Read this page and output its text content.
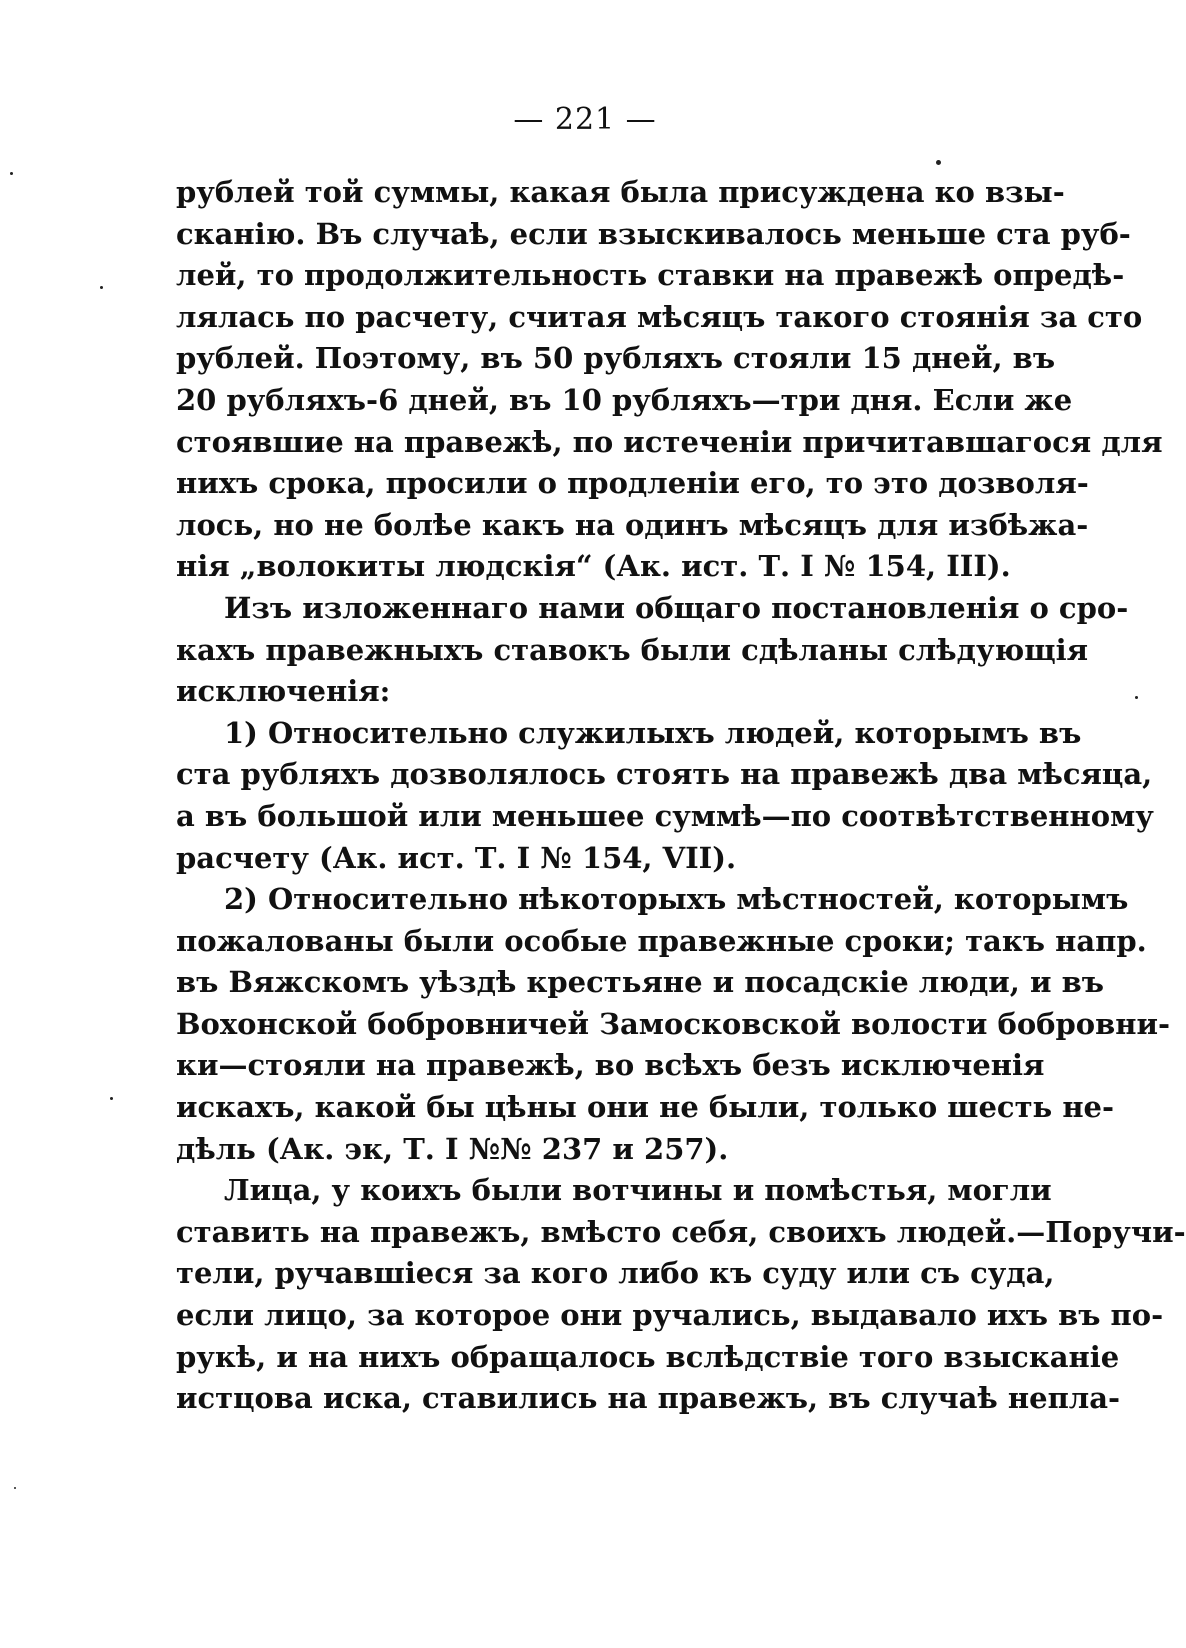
— 221 —
рублей той суммы, какая была присуждена ко взы-
сканію. Въ случаѣ, если взыскивалось меньше ста руб-
лей, то продолжительность ставки на правежѣ опредѣ-
лялась по расчету, считая мѣсяцъ такого стоянія за сто
рублей. Поэтому, въ 50 рубляхъ стояли 15 дней, въ
20 рубляхъ-6 дней, въ 10 рубляхъ—три дня. Если же
стоявшие на правежѣ, по истеченіи причитавшагося для
нихъ срока, просили о продленіи его, то это дозволя-
лось, но не болѣе какъ на одинъ мѣсяцъ для избѣжа-
нія „волокиты людскія“ (Ак. ист. Т. I № 154, III).
Изъ изложеннаго нами общаго постановленія о сро-
кахъ правежныхъ ставокъ были сдѣланы слѣдующія
исключенія:
1) Относительно служилыхъ людей, которымъ въ
ста рубляхъ дозволялось стоять на правежѣ два мѣсяца,
а въ большой или меньшее суммѣ—по соотвѣтственному
расчету (Ак. ист. Т. I № 154, VII).
2) Относительно нѣкоторыхъ мѣстностей, которымъ
пожалованы были особые правежные сроки; такъ напр.
въ Вяжскомъ уѣздѣ крестьяне и посадскіе люди, и въ
Вохонской бобровничей Замосковской волости бобровни-
ки—стояли на правежѣ, во всѣхъ безъ исключенія
искахъ, какой бы цѣны они не были, только шесть не-
дѣль (Ак. эк, Т. I №№ 237 и 257).
Лица, у коихъ были вотчины и помѣстья, могли
ставить на правежъ, вмѣсто себя, своихъ людей.—Поручи-
тели, ручавшіеся за кого либо къ суду или съ суда,
если лицо, за которое они ручались, выдавало ихъ въ по-
рукѣ, и на нихъ обращалось вслѣдствіе того взысканіе
истцова иска, ставились на правежъ, въ случаѣ непла-
